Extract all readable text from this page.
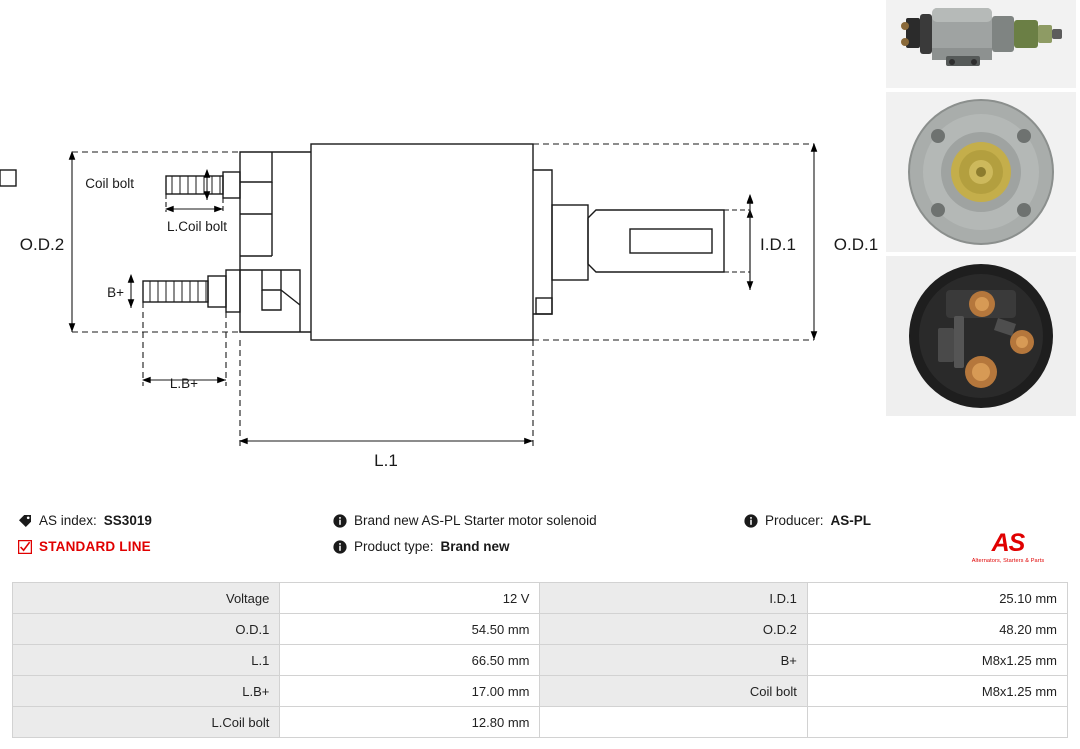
Coil bolt
L.Coil bolt
B+
L.B+
O.D.2	O.D.1
I.D.1
L.1
AS index: SS3019
STANDARD LINE
Brand new AS-PL Starter motor solenoid
Product type: Brand new
Producer: AS-PL
AS
Alternators, Starters & Parts
Voltage	12 V	I.D.1	25.10 mm
O.D.1	54.50 mm	O.D.2	48.20 mm
L.1	66.50 mm	B+	M8x1.25 mm
L.B+	17.00 mm	Coil bolt	M8x1.25 mm
L.Coil bolt	12.80 mm		
